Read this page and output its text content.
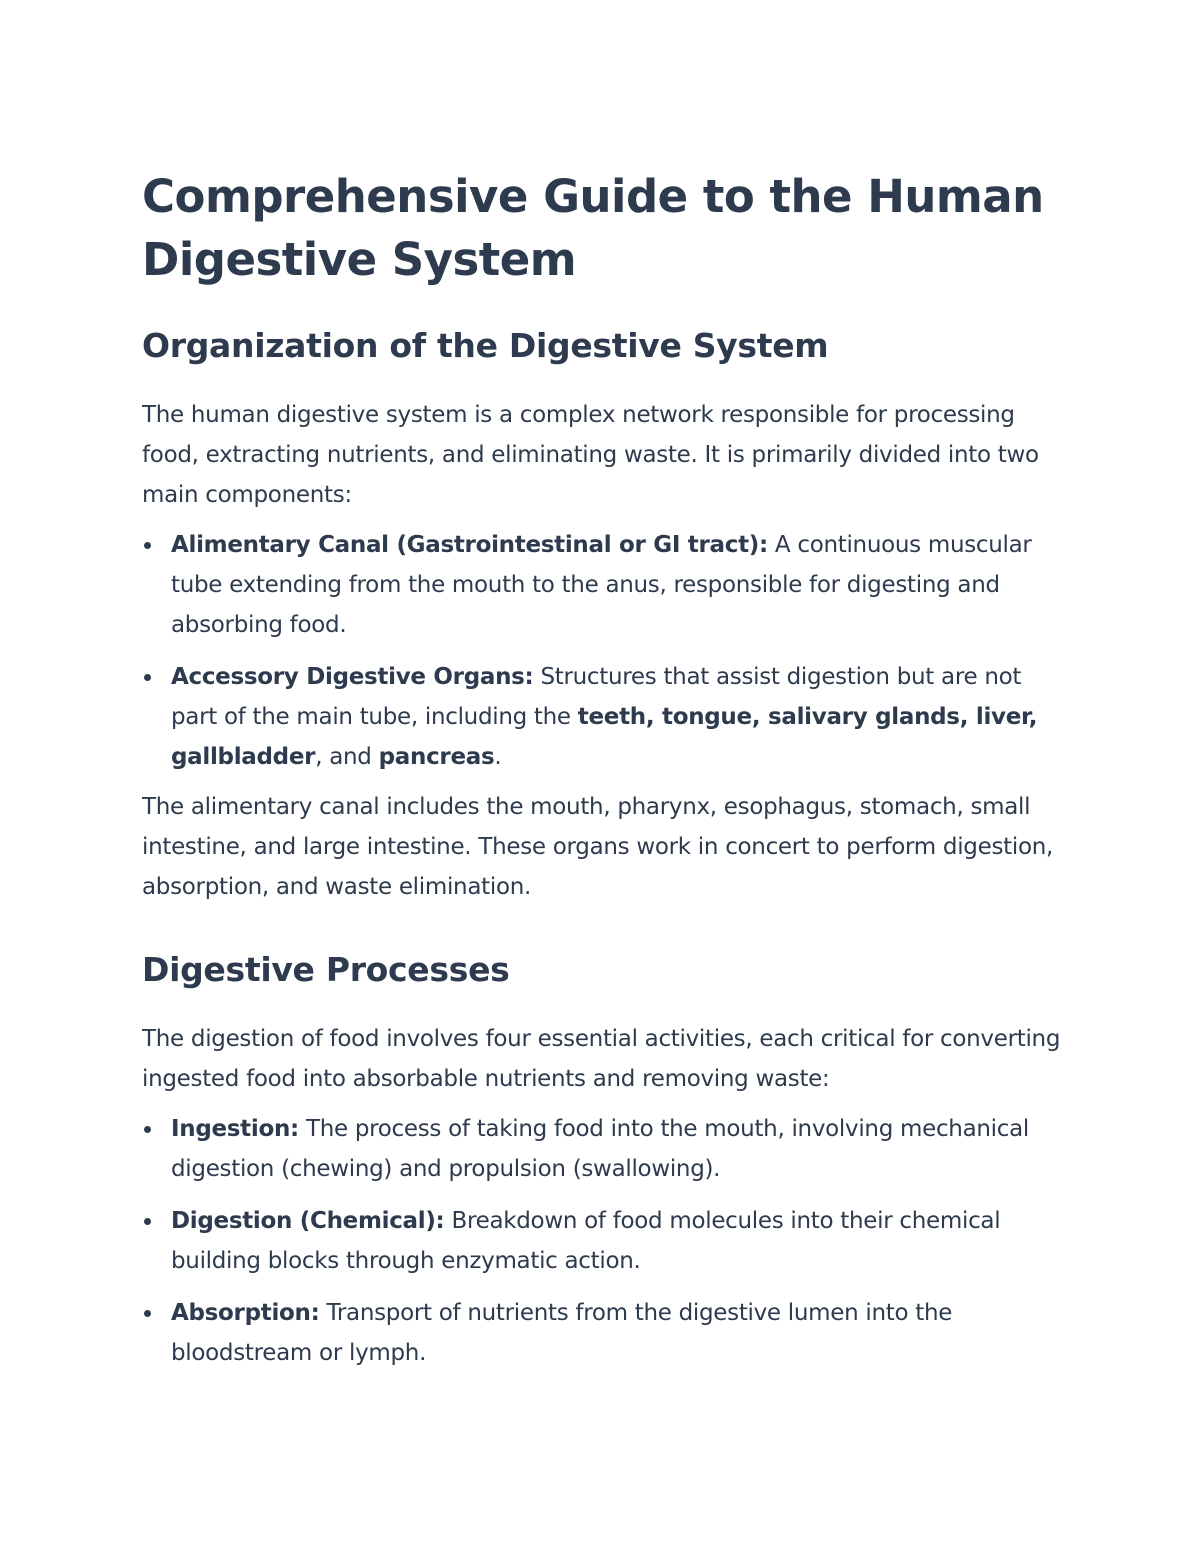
Comprehensive Guide to the Human Digestive System
Organization of the Digestive System

The human digestive system is a complex network responsible for processing food, extracting nutrients, and eliminating waste. It is primarily divided into two main components:

Alimentary Canal (Gastrointestinal or GI tract): A continuous muscular tube extending from the mouth to the anus, responsible for digesting and absorbing food.
Accessory Digestive Organs: Structures that assist digestion but are not part of the main tube, including the teeth, tongue, salivary glands, liver, gallbladder, and pancreas.

The alimentary canal includes the mouth, pharynx, esophagus, stomach, small intestine, and large intestine. These organs work in concert to perform digestion, absorption, and waste elimination.

Digestive Processes

The digestion of food involves four essential activities, each critical for converting ingested food into absorbable nutrients and removing waste:

Ingestion: The process of taking food into the mouth, involving mechanical digestion (chewing) and propulsion (swallowing).
Digestion (Chemical): Breakdown of food molecules into their chemical building blocks through enzymatic action.
Absorption: Transport of nutrients from the digestive lumen into the bloodstream or lymph.
